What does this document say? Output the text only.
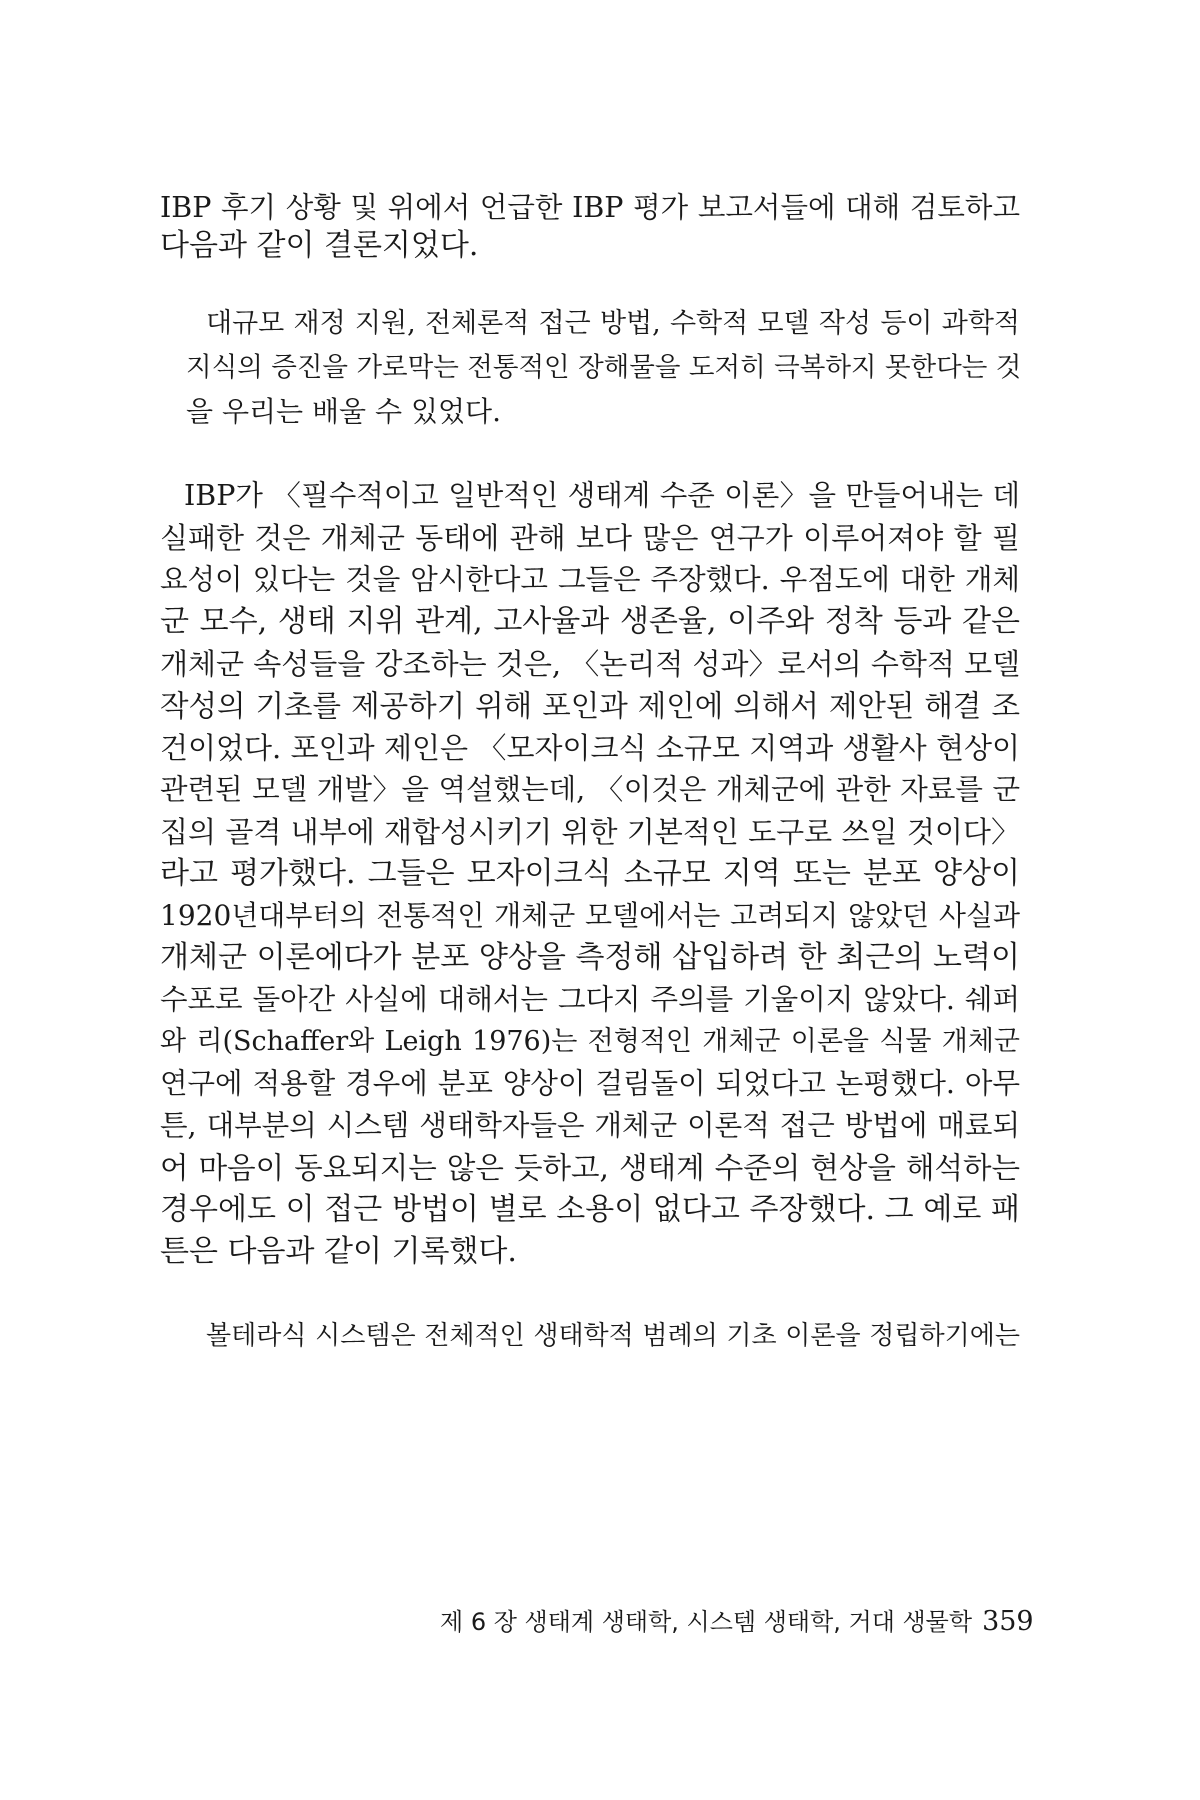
IBP 후기 상황 및 위에서 언급한 IBP 평가 보고서들에 대해 검토하고
다음과 같이 결론지었다.
대규모 재정 지원, 전체론적 접근 방법, 수학적 모델 작성 등이 과학적
지식의 증진을 가로막는 전통적인 장해물을 도저히 극복하지 못한다는 것
을 우리는 배울 수 있었다.
IBP가 〈필수적이고 일반적인 생태계 수준 이론〉을 만들어내는 데
실패한 것은 개체군 동태에 관해 보다 많은 연구가 이루어져야 할 필
요성이 있다는 것을 암시한다고 그들은 주장했다. 우점도에 대한 개체
군 모수, 생태 지위 관계, 고사율과 생존율, 이주와 정착 등과 같은
개체군 속성들을 강조하는 것은, 〈논리적 성과〉로서의 수학적 모델
작성의 기초를 제공하기 위해 포인과 제인에 의해서 제안된 해결 조
건이었다. 포인과 제인은 〈모자이크식 소규모 지역과 생활사 현상이
관련된 모델 개발〉을 역설했는데, 〈이것은 개체군에 관한 자료를 군
집의 골격 내부에 재합성시키기 위한 기본적인 도구로 쓰일 것이다〉
라고 평가했다. 그들은 모자이크식 소규모 지역 또는 분포 양상이
1920년대부터의 전통적인 개체군 모델에서는 고려되지 않았던 사실과
개체군 이론에다가 분포 양상을 측정해 삽입하려 한 최근의 노력이
수포로 돌아간 사실에 대해서는 그다지 주의를 기울이지 않았다. 쉐퍼
와 리(Schaffer와 Leigh 1976)는 전형적인 개체군 이론을 식물 개체군
연구에 적용할 경우에 분포 양상이 걸림돌이 되었다고 논평했다. 아무
튼, 대부분의 시스템 생태학자들은 개체군 이론적 접근 방법에 매료되
어 마음이 동요되지는 않은 듯하고, 생태계 수준의 현상을 해석하는
경우에도 이 접근 방법이 별로 소용이 없다고 주장했다. 그 예로 패
튼은 다음과 같이 기록했다.
볼테라식 시스템은 전체적인 생태학적 범례의 기초 이론을 정립하기에는
제 6 장 생태계 생태학, 시스템 생태학, 거대 생물학 359
